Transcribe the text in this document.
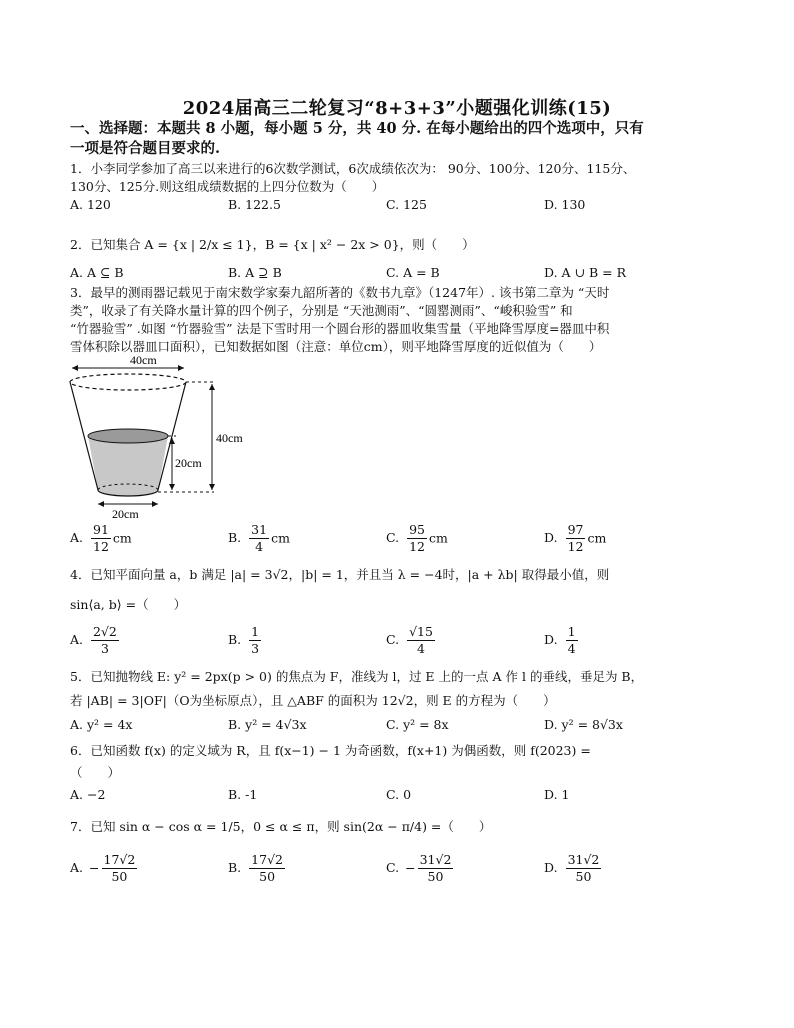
2024届高三二轮复习“8+3+3”小题强化训练(15)
一、选择题：本题共 8 小题，每小题 5 分，共 40 分. 在每小题给出的四个选项中，只有
一项是符合题目要求的.
1．小李同学参加了高三以来进行的6次数学测试，6次成绩依次为： 90分、100分、120分、115分、
130分、125分.则这组成绩数据的上四分位数为（　　）
A. 120	B. 122.5	C. 125	D. 130
2．已知集合 A = {x | 2/x ≤ 1}，B = {x | x² − 2x > 0}，则（　　）
A. A ⊆ B	B. A ⊇ B	C. A = B	D. A ∪ B = R
3．最早的测雨器记载见于南宋数学家秦九韶所著的《数书九章》（1247年）. 该书第二章为 “天时
类”，收录了有关降水量计算的四个例子，分别是 “天池测雨”、“圆罂测雨”、“峻积验雪” 和
“竹器验雪” .如图 “竹器验雪” 法是下雪时用一个圆台形的器皿收集雪量（平地降雪厚度=器皿中积
雪体积除以器皿口面积），已知数据如图（注意：单位cm），则平地降雪厚度的近似值为（　　）
40cm
40cm
20cm
20cm
A. $\frac{91}{12}$ cm	B. $\frac{31}{4}$ cm	C. $\frac{95}{12}$ cm	D. $\frac{97}{12}$ cm
4．已知平面向量 a，b 满足 |a| = 3√2，|b| = 1，并且当 λ = −4时，|a + λb| 取得最小值，则
sin⟨a, b⟩ =（　　）
A. $\frac{2√2}{3}$	B. $\frac{1}{3}$	C. $\frac{√15}{4}$	D. $\frac{1}{4}$
5．已知抛物线 E: y² = 2px(p > 0) 的焦点为 F，准线为 l，过 E 上的一点 A 作 l 的垂线，垂足为 B，
若 |AB| = 3|OF|（O为坐标原点），且 △ABF 的面积为 12√2，则 E 的方程为（　　）
A. y² = 4x	B. y² = 4√3x	C. y² = 8x	D. y² = 8√3x
6．已知函数 f(x) 的定义域为 R，且 f(x−1) − 1 为奇函数，f(x+1) 为偶函数，则 f(2023) =
（　　）
A. −2	B. -1	C. 0	D. 1
7．已知 sin α − cos α = 1/5，0 ≤ α ≤ π，则 sin(2α − π/4) =（　　）
A. − $\frac{17√2}{50}$	B. $\frac{17√2}{50}$	C. − $\frac{31√2}{50}$	D. $\frac{31√2}{50}$
